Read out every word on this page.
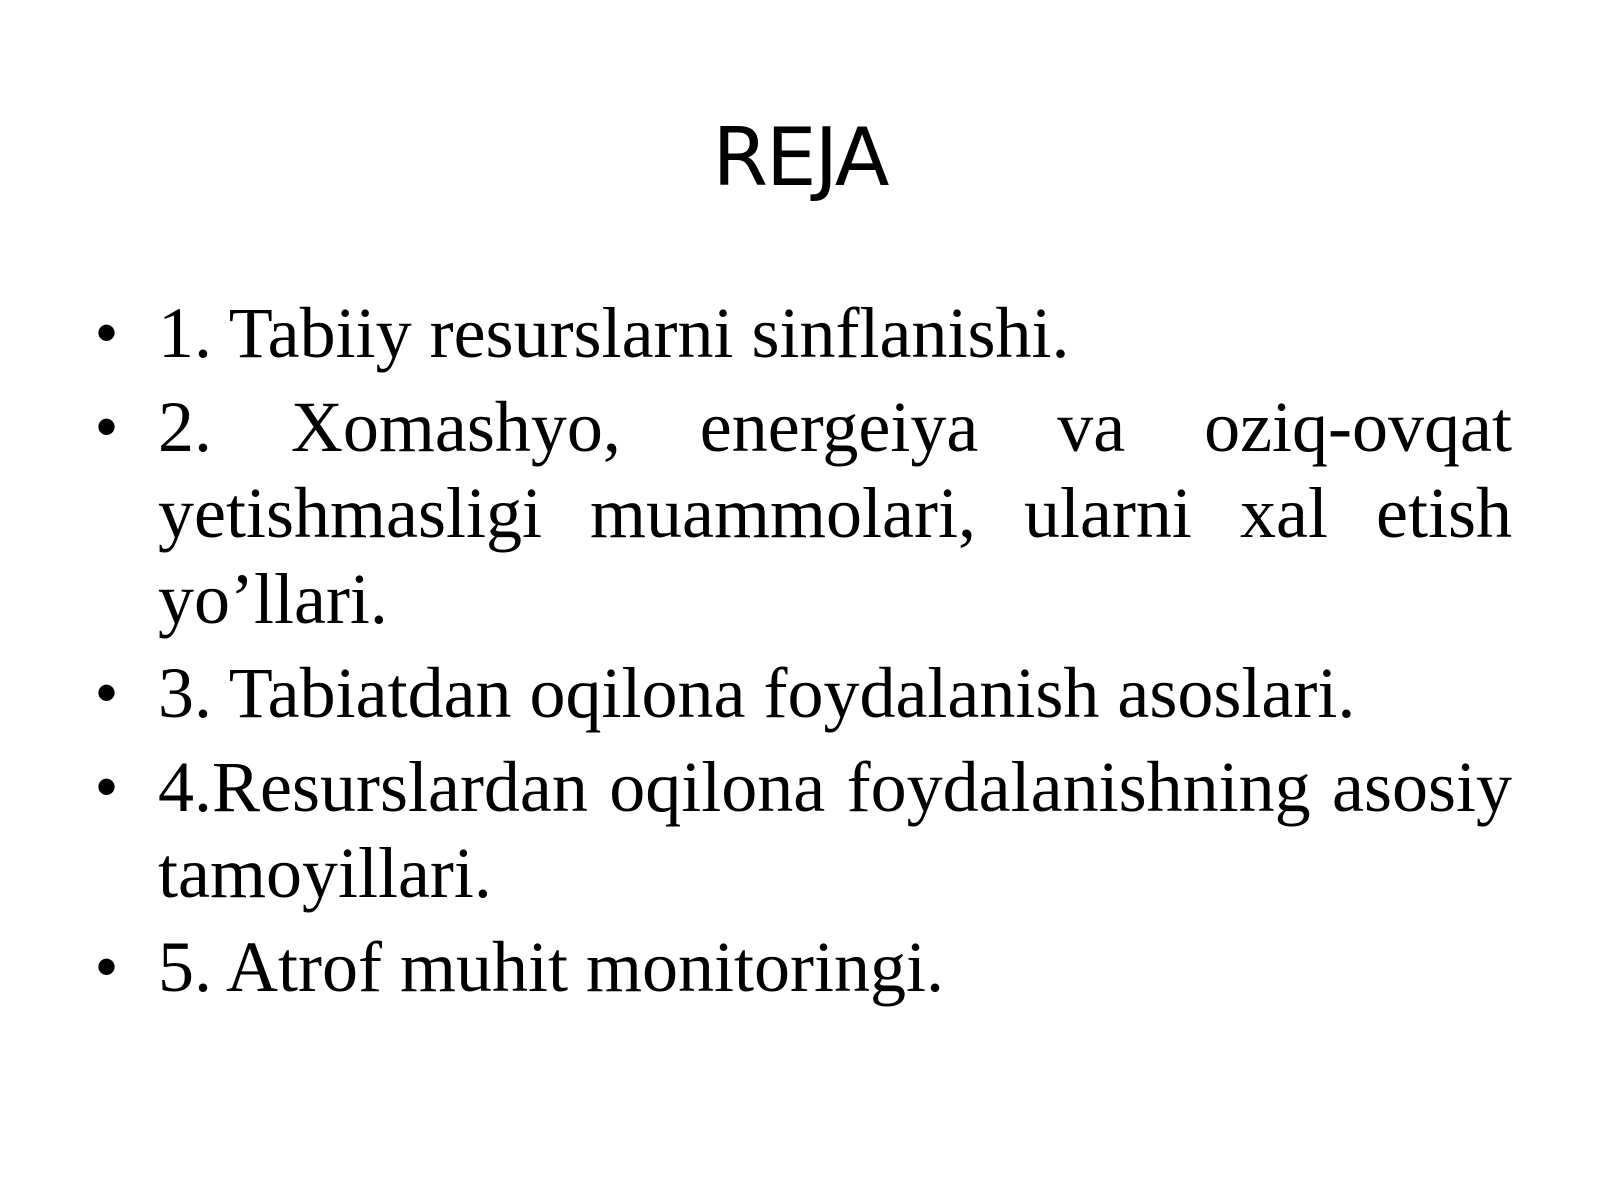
REJA
• 1. Tabiiy resurslarni sinflanishi.
• 2. Xomashyo, energeiya va oziq-ovqat yetishmasligi muammolari, ularni xal etish yo’llari.
• 3. Tabiatdan oqilona foydalanish asoslari.
• 4.Resurslardan oqilona foydalanishning asosiy tamoyillari.
• 5. Atrof muhit monitoringi.
